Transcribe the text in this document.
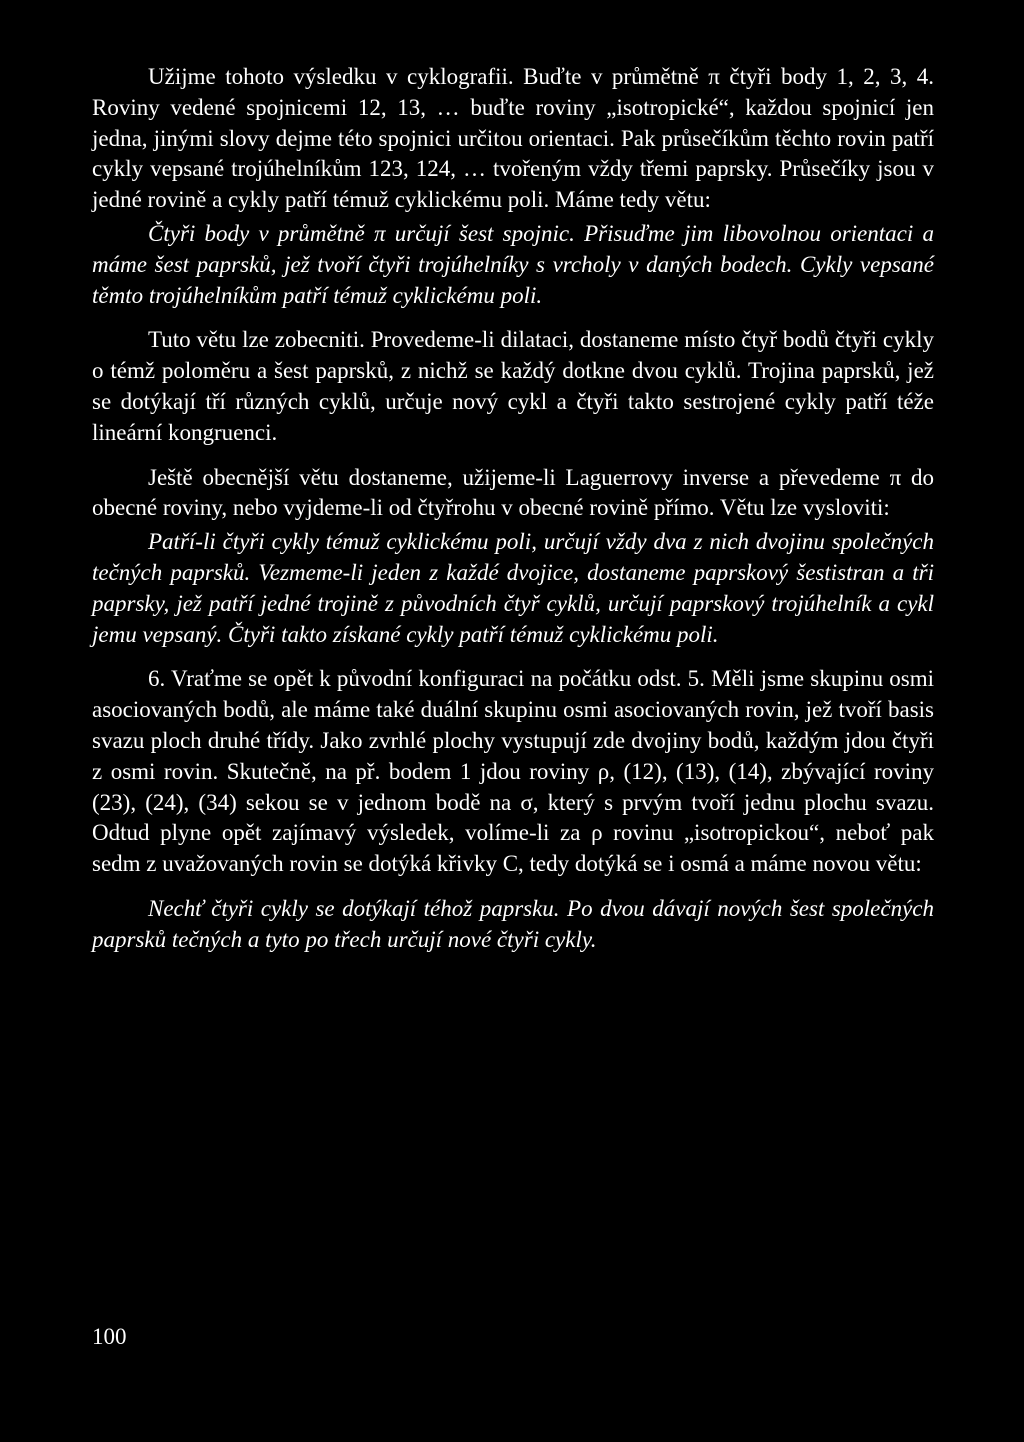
Užijme tohoto výsledku v cyklografii. Buďte v průmětně π čtyři body 1, 2, 3, 4. Roviny vedené spojnicemi 12, 13, … buďte roviny „isotropické“, každou spojnicí jen jedna, jinými slovy dejme této spojnici určitou orientaci. Pak průsečíkům těchto rovin patří cykly vepsané trojúhelníkům 123, 124, … tvořeným vždy třemi paprsky. Průsečíky jsou v jedné rovině a cykly patří témuž cyklickému poli. Máme tedy větu:

Čtyři body v průmětně π určují šest spojnic. Přisuďme jim libovolnou orientaci a máme šest paprsků, jež tvoří čtyři trojúhelníky s vrcholy v daných bodech. Cykly vepsané těmto trojúhelníkům patří témuž cyklickému poli.

Tuto větu lze zobecniti. Provedeme-li dilataci, dostaneme místo čtyř bodů čtyři cykly o témž poloměru a šest paprsků, z nichž se každý dotkne dvou cyklů. Trojina paprsků, jež se dotýkají tří různých cyklů, určuje nový cykl a čtyři takto sestrojené cykly patří téže lineární kongruenci.

Ještě obecnější větu dostaneme, užijeme-li Laguerrovy inverse a převedeme π do obecné roviny, nebo vyjdeme-li od čtyřrohu v obecné rovině přímo. Větu lze vysloviti:

Patří-li čtyři cykly témuž cyklickému poli, určují vždy dva z nich dvojinu společných tečných paprsků. Vezmeme-li jeden z každé dvojice, dostaneme paprskový šestistran a tři paprsky, jež patří jedné trojině z původních čtyř cyklů, určují paprskový trojúhelník a cykl jemu vepsaný. Čtyři takto získané cykly patří témuž cyklickému poli.

6. Vraťme se opět k původní konfiguraci na počátku odst. 5. Měli jsme skupinu osmi asociovaných bodů, ale máme také duální skupinu osmi asociovaných rovin, jež tvoří basis svazu ploch druhé třídy. Jako zvrhlé plochy vystupují zde dvojiny bodů, každým jdou čtyři z osmi rovin. Skutečně, na př. bodem 1 jdou roviny ρ, (12), (13), (14), zbývající roviny (23), (24), (34) sekou se v jednom bodě na σ, který s prvým tvoří jednu plochu svazu. Odtud plyne opět zajímavý výsledek, volíme-li za ρ rovinu „isotropickou“, neboť pak sedm z uvažovaných rovin se dotýká křivky C, tedy dotýká se i osmá a máme novou větu:

Nechť čtyři cykly se dotýkají téhož paprsku. Po dvou dávají nových šest společných paprsků tečných a tyto po třech určují nové čtyři cykly.

100
